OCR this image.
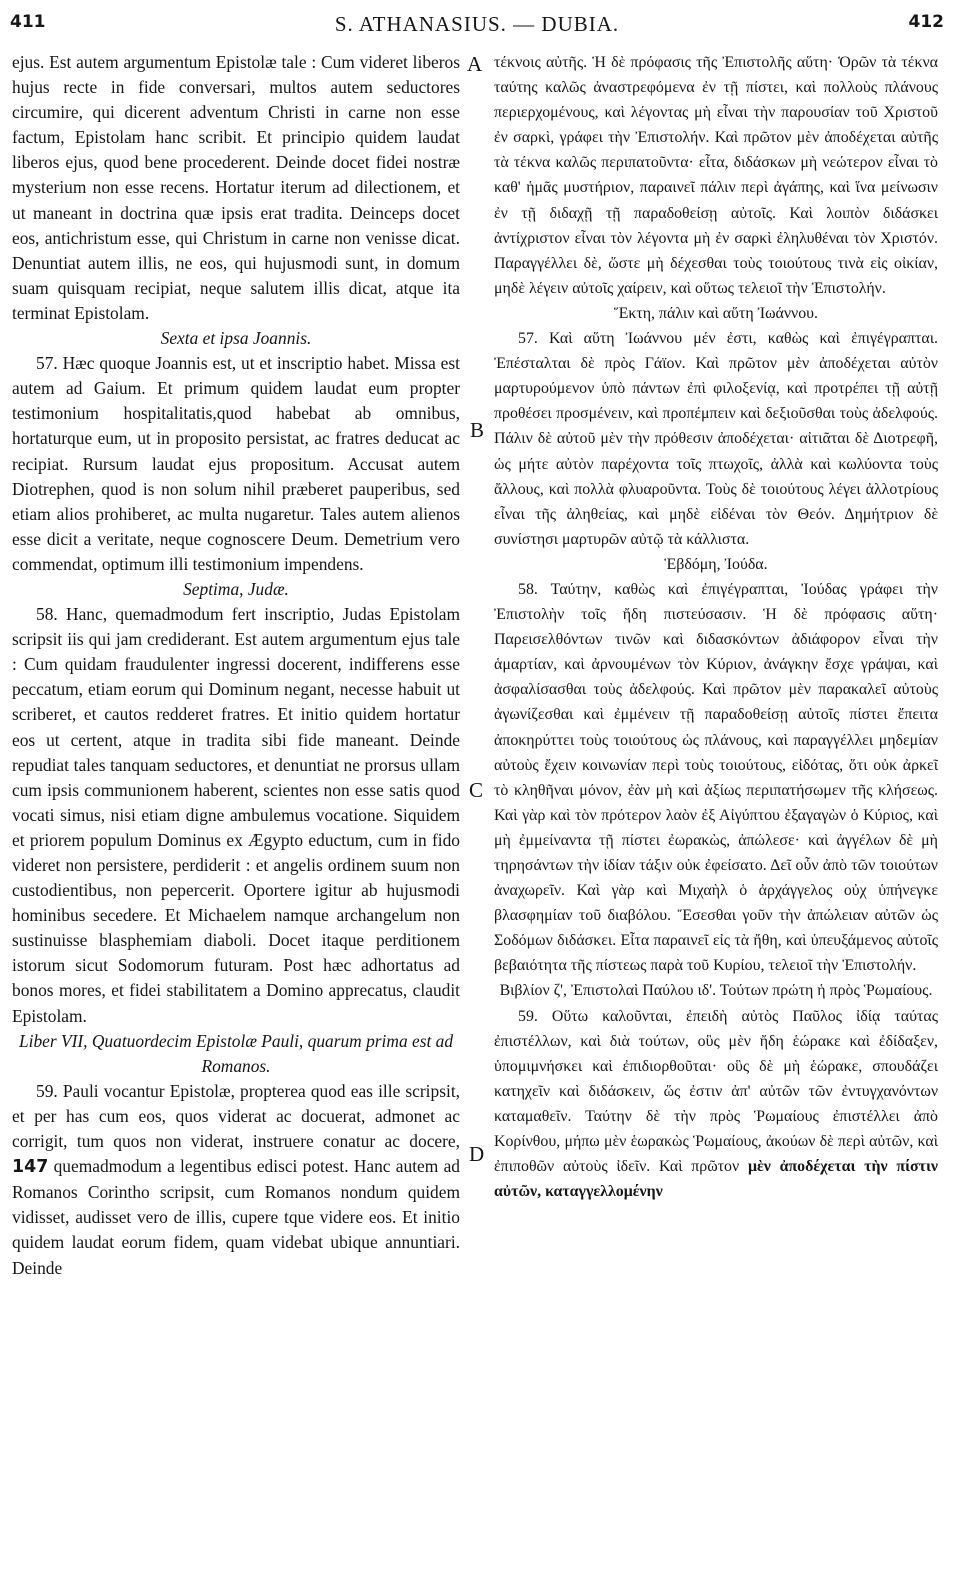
411	S. ATHANASIUS. — DUBIA.	412
A
B
C
D

ejus. Est autem argumentum Epistolæ tale : Cum videret liberos hujus recte in fide conversari, multos autem seductores circumire, qui dicerent adventum Christi in carne non esse factum, Epistolam hanc scribit. Et principio quidem laudat liberos ejus, quod bene procederent. Deinde docet fidei nostræ mysterium non esse recens. Hortatur iterum ad dilectionem, et ut maneant in doctrina quæ ipsis erat tradita. Deinceps docet eos, antichristum esse, qui Christum in carne non venisse dicat. Denuntiat autem illis, ne eos, qui hujusmodi sunt, in domum suam quisquam recipiat, neque salutem illis dicat, atque ita terminat Epistolam.

Sexta et ipsa Joannis.

57. Hæc quoque Joannis est, ut et inscriptio habet. Missa est autem ad Gaium. Et primum quidem laudat eum propter testimonium hospitalitatis,quod habebat ab omnibus, hortaturque eum, ut in proposito persistat, ac fratres deducat ac recipiat. Rursum laudat ejus propositum. Accusat autem Diotrephen, quod is non solum nihil præberet pauperibus, sed etiam alios prohiberet, ac multa nugaretur. Tales autem alienos esse dicit a veritate, neque cognoscere Deum. Demetrium vero commendat, optimum illi testimonium impendens.

Septima, Judæ.

58. Hanc, quemadmodum fert inscriptio, Judas Epistolam scripsit iis qui jam crediderant. Est autem argumentum ejus tale : Cum quidam fraudulenter ingressi docerent, indifferens esse peccatum, etiam eorum qui Dominum negant, necesse habuit ut scriberet, et cautos redderet fratres. Et initio quidem hortatur eos ut certent, atque in tradita sibi fide maneant. Deinde repudiat tales tanquam seductores, et denuntiat ne prorsus ullam cum ipsis communionem haberent, scientes non esse satis quod vocati simus, nisi etiam digne ambulemus vocatione. Siquidem et priorem populum Dominus ex Ægypto eductum, cum in fido videret non persistere, perdiderit : et angelis ordinem suum non custodientibus, non pepercerit. Oportere igitur ab hujusmodi hominibus secedere. Et Michaelem namque archangelum non sustinuisse blasphemiam diaboli. Docet itaque perditionem istorum sicut Sodomorum futuram. Post hæc adhortatus ad bonos mores, et fidei stabilitatem a Domino apprecatus, claudit Epistolam.

Liber VII, Quatuordecim Epistolæ Pauli, quarum prima est ad Romanos.

59. Pauli vocantur Epistolæ, propterea quod eas ille scripsit, et per has cum eos, quos viderat ac docuerat, admonet ac corrigit, tum quos non viderat, instruere conatur ac docere, 147 quemadmodum a legentibus ediscі potest. Hanc autem ad Romanos Corintho scripsit, cum Romanos nondum quidem vidisset, audisset vero de illis, cupere tque videre eos. Et initio quidem laudat eorum fidem, quam videbat ubique annuntiari. Deinde

τέκνοις αὐτῆς. Ἡ δὲ πρόφασις τῆς Ἐπιστολῆς αὕτη· Ὁρῶν τὰ τέκνα ταύτης καλῶς ἀναστρεφόμενα ἐν τῇ πίστει, καὶ πολλοὺς πλάνους περιερχομένους, καὶ λέγοντας μὴ εἶναι τὴν παρουσίαν τοῦ Χριστοῦ ἐν σαρκὶ, γράφει τὴν Ἐπιστολήν. Καὶ πρῶτον μὲν ἀποδέχεται αὐτῆς τὰ τέκνα καλῶς περιπατοῦντα· εἶτα, διδάσκων μὴ νεώτερον εἶναι τὸ καθ' ἡμᾶς μυστήριον, παραινεῖ πάλιν περὶ ἀγάπης, καὶ ἵνα μείνωσιν ἐν τῇ διδαχῇ τῇ παραδοθείσῃ αὐτοῖς. Καὶ λοιπὸν διδάσκει ἀντίχριστον εἶναι τὸν λέγοντα μὴ ἐν σαρκὶ ἐληλυθέναι τὸν Χριστόν. Παραγγέλλει δὲ, ὥστε μὴ δέχεσθαι τοὺς τοιούτους τινὰ εἰς οἰκίαν, μηδὲ λέγειν αὐτοῖς χαίρειν, καὶ οὕτως τελειοῖ τὴν Ἐπιστολήν.

Ἕκτη, πάλιν καὶ αὕτη Ἰωάννου.

57. Καὶ αὕτη Ἰωάννου μέν ἐστι, καθὼς καὶ ἐπιγέγραπται. Ἐπέσταλται δὲ πρὸς Γάϊον. Καὶ πρῶτον μὲν ἀποδέχεται αὐτὸν μαρτυρούμενον ὑπὸ πάντων ἐπὶ φιλοξενίᾳ, καὶ προτρέπει τῇ αὐτῇ προθέσει προσμένειν, καὶ προπέμπειν καὶ δεξιοῦσθαι τοὺς ἀδελφούς. Πάλιν δὲ αὐτοῦ μὲν τὴν πρόθεσιν ἀποδέχεται· αἰτιᾶται δὲ Διοτρεφῆ, ὡς μήτε αὐτὸν παρέχοντα τοῖς πτωχοῖς, ἀλλὰ καὶ κωλύοντα τοὺς ἄλλους, καὶ πολλὰ φλυαροῦντα. Τοὺς δὲ τοιούτους λέγει ἀλλοτρίους εἶναι τῆς ἀληθείας, καὶ μηδὲ εἰδέναι τὸν Θεόν. Δημήτριον δὲ συνίστησι μαρτυρῶν αὐτῷ τὰ κάλλιστα.

Ἑβδόμη, Ἰούδα.

58. Ταύτην, καθὼς καὶ ἐπιγέγραπται, Ἰούδας γράφει τὴν Ἐπιστολὴν τοῖς ἤδη πιστεύσασιν. Ἡ δὲ πρόφασις αὕτη· Παρεισελθόντων τινῶν καὶ διδασκόντων ἀδιάφορον εἶναι τὴν ἁμαρτίαν, καὶ ἀρνουμένων τὸν Κύριον, ἀνάγκην ἔσχε γράψαι, καὶ ἀσφαλίσασθαι τοὺς ἀδελφούς. Καὶ πρῶτον μὲν παρακαλεῖ αὐτοὺς ἀγωνίζεσθαι καὶ ἐμμένειν τῇ παραδοθείσῃ αὐτοῖς πίστει ἔπειτα ἀποκηρύττει τοὺς τοιούτους ὡς πλάνους, καὶ παραγγέλλει μηδεμίαν αὐτοὺς ἔχειν κοινωνίαν περὶ τοὺς τοιούτους, εἰδότας, ὅτι οὐκ ἀρκεῖ τὸ κληθῆναι μόνον, ἐὰν μὴ καὶ ἀξίως περιπατήσωμεν τῆς κλήσεως. Καὶ γὰρ καὶ τὸν πρότερον λαὸν ἐξ Αἰγύπτου ἐξαγαγὼν ὁ Κύριος, καὶ μὴ ἐμμείναντα τῇ πίστει ἐωρακὼς, ἀπώλεσε· καὶ ἀγγέλων δὲ μὴ τηρησάντων τὴν ἰδίαν τάξιν οὐκ ἐφείσατο. Δεῖ οὖν ἀπὸ τῶν τοιούτων ἀναχωρεῖν. Καὶ γὰρ καὶ Μιχαὴλ ὁ ἀρχάγγελος οὐχ ὑπήνεγκε βλασφημίαν τοῦ διαβόλου. Ἔσεσθαι γοῦν τὴν ἀπώλειαν αὐτῶν ὡς Σοδόμων διδάσκει. Εἶτα παραινεῖ εἰς τὰ ἤθη, καὶ ὑπευξάμενος αὐτοῖς βεβαιότητα τῆς πίστεως παρὰ τοῦ Κυρίου, τελειοῖ τὴν Ἐπιστολήν.

Βιβλίον ζ', Ἐπιστολαὶ Παύλου ιδ'. Τούτων πρώτη ἡ πρὸς Ῥωμαίους.

59. Οὕτω καλοῦνται, ἐπειδὴ αὐτὸς Παῦλος ἰδίᾳ ταύτας ἐπιστέλλων, καὶ διὰ τούτων, οὓς μὲν ἤδη ἑώρακε καὶ ἐδίδαξεν, ὑπομιμνήσκει καὶ ἐπιδιορθοῦται· οὓς δὲ μὴ ἑώρακε, σπουδάζει κατηχεῖν καὶ διδάσκειν, ὥς ἐστιν ἀπ' αὐτῶν τῶν ἐντυγχανόντων καταμαθεῖν. Ταύτην δὲ τὴν πρὸς Ῥωμαίους ἐπιστέλλει ἀπὸ Κορίνθου, μήπω μὲν ἑωρακὼς Ῥωμαίους, ἀκούων δὲ περὶ αὐτῶν, καὶ ἐπιποθῶν αὐτοὺς ἰδεῖν. Καὶ πρῶτον μὲν ἀποδέχεται τὴν πίστιν αὐτῶν, καταγγελλομένην
